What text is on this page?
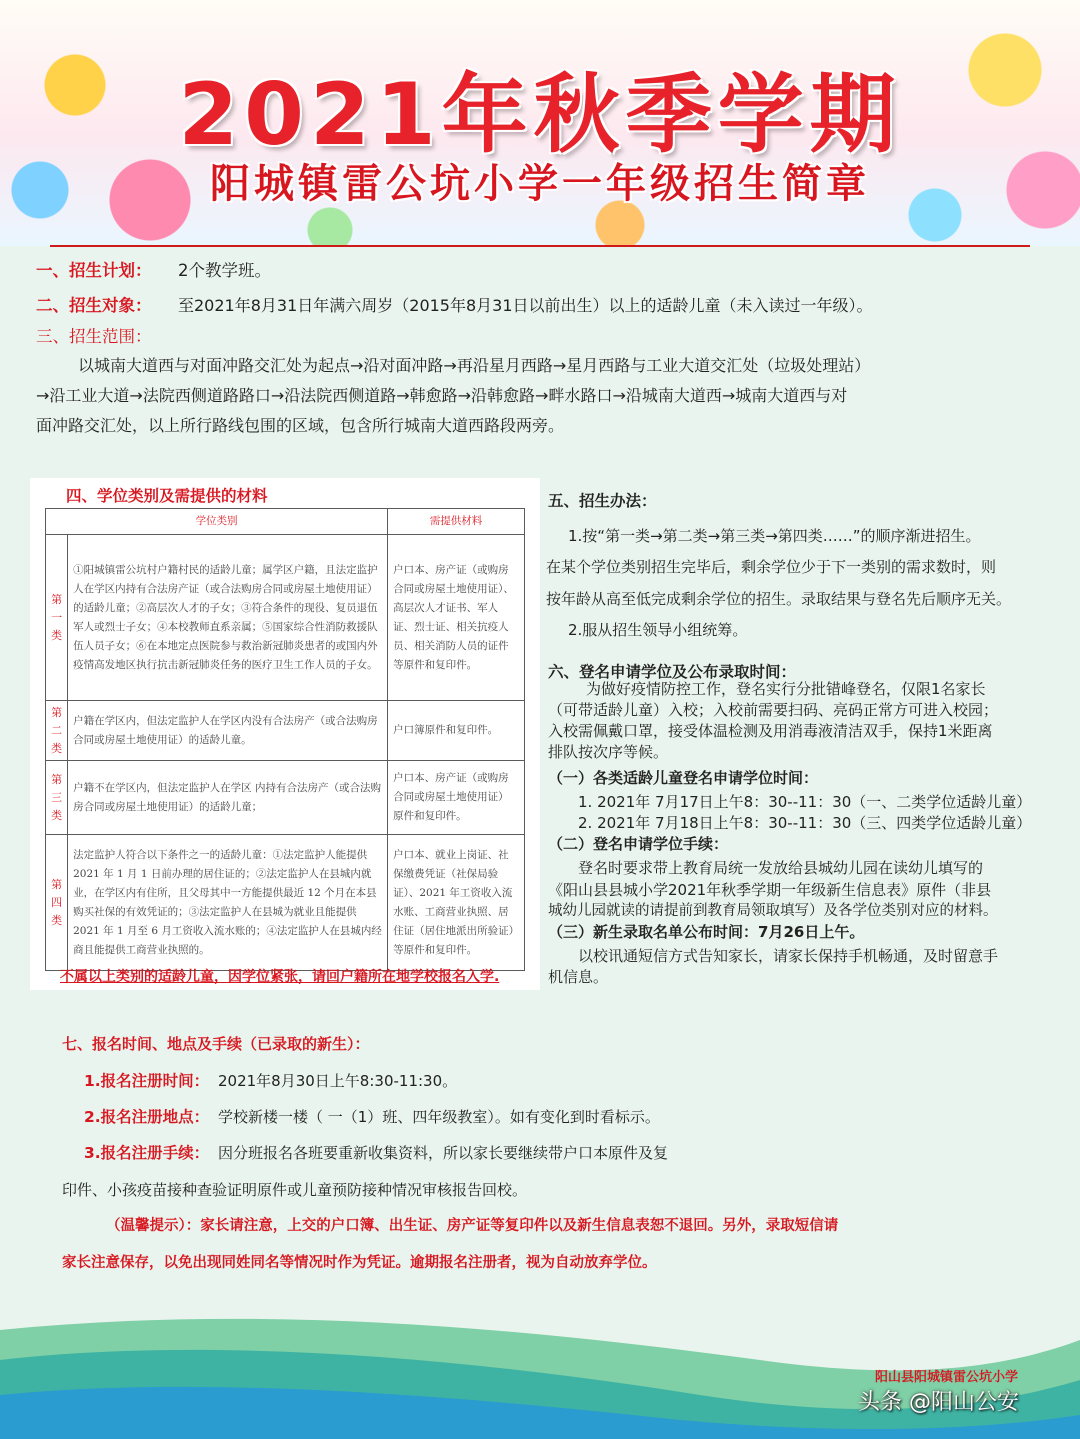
2021年秋季学期
阳城镇雷公坑小学一年级招生简章
一、招生计划： 2个教学班。
二、招生对象： 至2021年8月31日年满六周岁（2015年8月31日以前出生）以上的适龄儿童（未入读过一年级）。
三、招生范围：
以城南大道西与对面冲路交汇处为起点→沿对面冲路→再沿星月西路→星月西路与工业大道交汇处（垃圾处理站）
→沿工业大道→法院西侧道路路口→沿法院西侧道路→韩愈路→沿韩愈路→畔水路口→沿城南大道西→城南大道西与对
面冲路交汇处，以上所行路线包围的区域，包含所行城南大道西路段两旁。
四、学位类别及需提供的材料
学位类别		需提供材料
第一类	①阳城镇雷公坑村户籍村民的适龄儿童；属学区户籍，且法定监护人在学区内持有合法房产证（或合法购房合同或房屋土地使用证）的适龄儿童；②高层次人才的子女；③符合条件的现役、复员退伍军人或烈士子女；④本校教师直系亲属；⑤国家综合性消防救援队伍人员子女；⑥在本地定点医院参与救治新冠肺炎患者的或国内外疫情高发地区执行抗击新冠肺炎任务的医疗卫生工作人员的子女。	户口本、房产证（或购房合同或房屋土地使用证）、高层次人才证书、军人证、烈士证、相关抗疫人员、相关消防人员的证件等原件和复印件。
第二类	户籍在学区内，但法定监护人在学区内没有合法房产（或合法购房合同或房屋土地使用证）的适龄儿童。	户口簿原件和复印件。
第三类	户籍不在学区内，但法定监护人在学区 内持有合法房产（或合法购房合同或房屋土地使用证）的适龄儿童；	户口本、房产证（或购房合同或房屋土地使用证）原件和复印件。
第四类	法定监护人符合以下条件之一的适龄儿童：①法定监护人能提供 2021 年 1 月 1 日前办理的居住证的；②法定监护人在县城内就业，在学区内有住所，且父母其中一方能提供最近 12 个月在本县购买社保的有效凭证的；③法定监护人在县城为就业且能提供 2021 年 1 月至 6 月工资收入流水账的；④法定监护人在县城内经商且能提供工商营业执照的。	户口本、就业上岗证、社保缴费凭证（社保局验证）、2021 年工资收入流水账、工商营业执照、居住证（居住地派出所验证）等原件和复印件。
不属以上类别的适龄儿童，因学位紧张，请回户籍所在地学校报名入学.
五、招生办法：
1.按“第一类→第二类→第三类→第四类……”的顺序渐进招生。
在某个学位类别招生完毕后，剩余学位少于下一类别的需求数时，则
按年龄从高至低完成剩余学位的招生。录取结果与登名先后顺序无关。
2.服从招生领导小组统筹。
六、登名申请学位及公布录取时间：
为做好疫情防控工作，登名实行分批错峰登名，仅限1名家长
（可带适龄儿童）入校；入校前需要扫码、亮码正常方可进入校园；
入校需佩戴口罩，接受体温检测及用消毒液清洁双手，保持1米距离
排队按次序等候。
（一）各类适龄儿童登名申请学位时间：
1. 2021年 7月17日上午8：30--11：30（一、二类学位适龄儿童）
2. 2021年 7月18日上午8：30--11：30（三、四类学位适龄儿童）
（二）登名申请学位手续：
登名时要求带上教育局统一发放给县城幼儿园在读幼儿填写的
《阳山县县城小学2021年秋季学期一年级新生信息表》原件（非县
城幼儿园就读的请提前到教育局领取填写）及各学位类别对应的材料。
（三）新生录取名单公布时间：7月26日上午。
以校讯通短信方式告知家长，请家长保持手机畅通，及时留意手
机信息。
七、报名时间、地点及手续（已录取的新生）：
1.报名注册时间： 2021年8月30日上午8:30-11:30。
2.报名注册地点： 学校新楼一楼（ 一（1）班、四年级教室）。如有变化到时看标示。
3.报名注册手续： 因分班报名各班要重新收集资料，所以家长要继续带户口本原件及复
印件、小孩疫苗接种查验证明原件或儿童预防接种情况审核报告回校。
（温馨提示）：家长请注意，上交的户口簿、出生证、房产证等复印件以及新生信息表恕不退回。另外，录取短信请
家长注意保存，以免出现同姓同名等情况时作为凭证。逾期报名注册者，视为自动放弃学位。
阳山县阳城镇雷公坑小学
头条 @阳山公安
